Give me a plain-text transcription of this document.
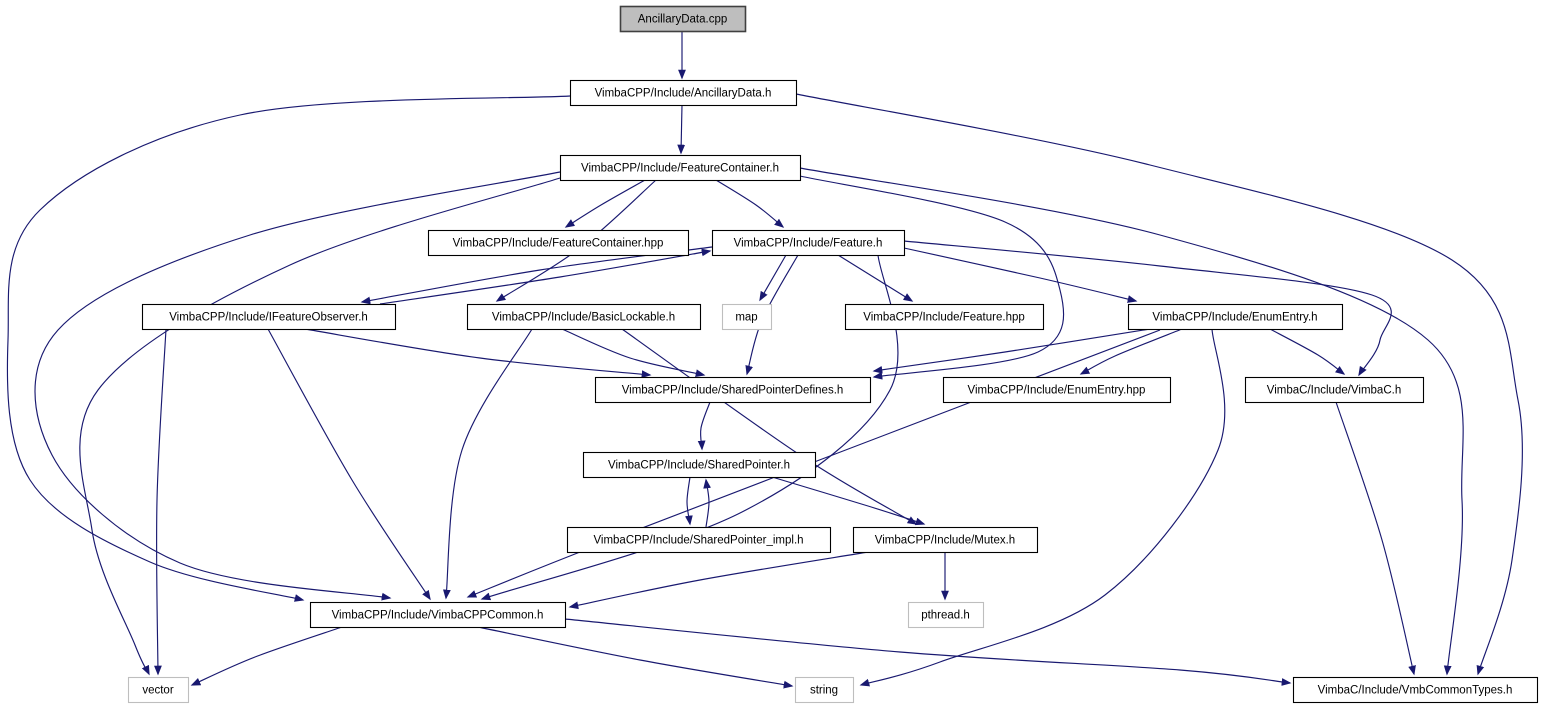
AncillaryData.cpp
VimbaCPP/Include/AncillaryData.h
VimbaCPP/Include/FeatureContainer.h
VimbaCPP/Include/FeatureContainer.hpp	VimbaCPP/Include/Feature.h
VimbaCPP/Include/IFeatureObserver.h	VimbaCPP/Include/BasicLockable.h	map	VimbaCPP/Include/Feature.hpp	VimbaCPP/Include/EnumEntry.h
VimbaCPP/Include/SharedPointerDefines.h	VimbaCPP/Include/EnumEntry.hpp	VimbaC/Include/VimbaC.h
VimbaCPP/Include/SharedPointer.h
VimbaCPP/Include/SharedPointer_impl.h	VimbaCPP/Include/Mutex.h
VimbaCPP/Include/VimbaCPPCommon.h	pthread.h
vector	string	VimbaC/Include/VmbCommonTypes.h
